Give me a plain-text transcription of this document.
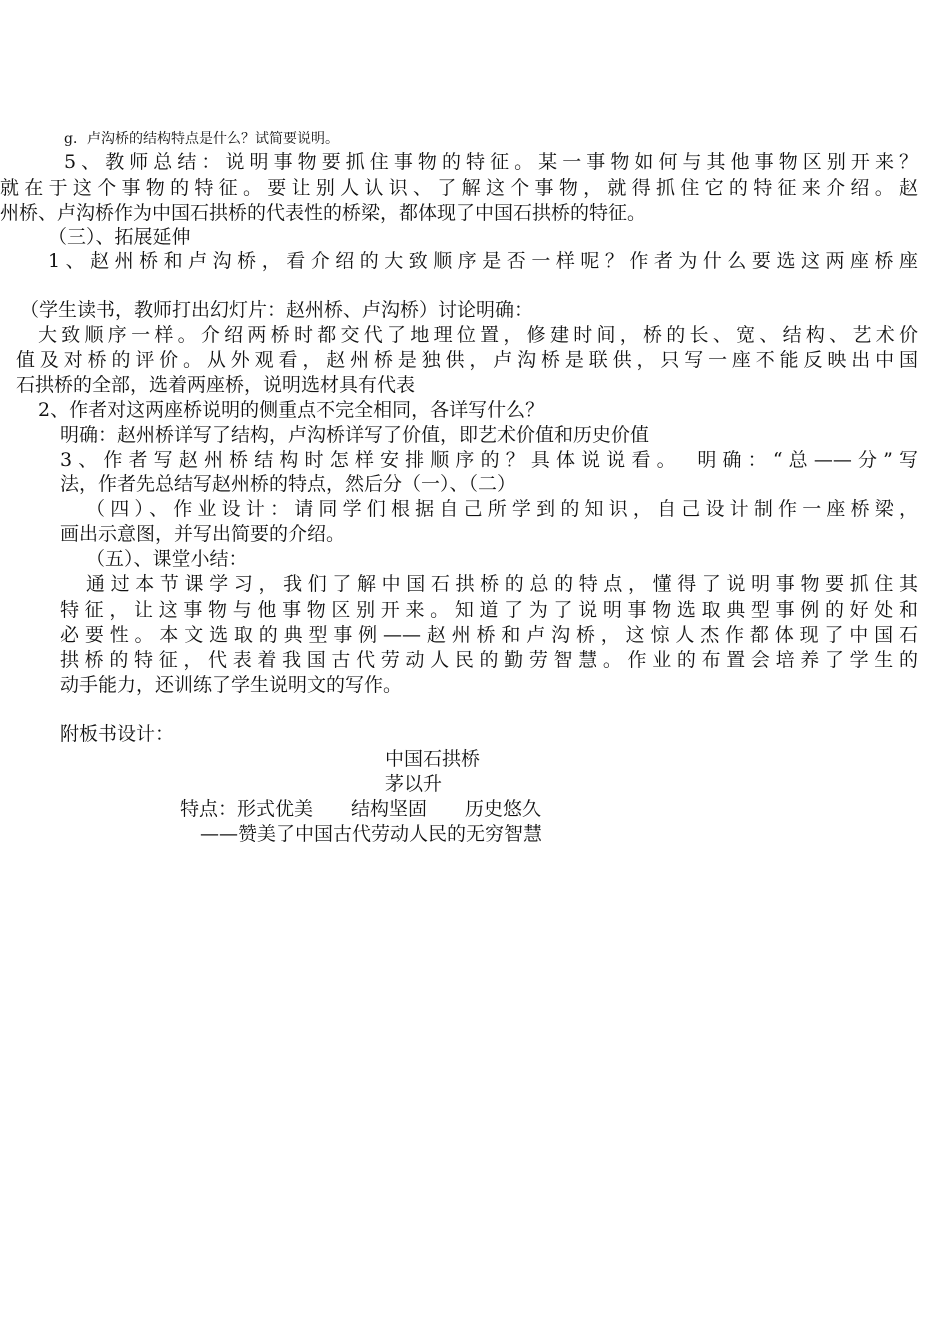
g．卢沟桥的结构特点是什么？试简要说明。
5、教师总结：说明事物要抓住事物的特征。某一事物如何与其他事物区别开来？
就在于这个事物的特征。要让别人认识、了解这个事物，就得抓住它的特征来介绍。赵
州桥、卢沟桥作为中国石拱桥的代表性的桥梁，都体现了中国石拱桥的特征。
（三）、拓展延伸
1、赵州桥和卢沟桥，看介绍的大致顺序是否一样呢？作者为什么要选这两座桥座
（学生读书，教师打出幻灯片：赵州桥、卢沟桥）讨论明确：
大致顺序一样。介绍两桥时都交代了地理位置，修建时间，桥的长、宽、结构、艺术价
值及对桥的评价。从外观看，赵州桥是独供，卢沟桥是联供，只写一座不能反映出中国
石拱桥的全部，选着两座桥，说明选材具有代表
2、作者对这两座桥说明的侧重点不完全相同，各详写什么？
明确：赵州桥详写了结构，卢沟桥详写了价值，即艺术价值和历史价值
3、作者写赵州桥结构时怎样安排顺序的？具体说说看。　明确：“总——分”写
法，作者先总结写赵州桥的特点，然后分（一）、（二）
（四）、作业设计：请同学们根据自己所学到的知识，自己设计制作一座桥梁，
画出示意图，并写出简要的介绍。
（五）、课堂小结：
通过本节课学习，我们了解中国石拱桥的总的特点，懂得了说明事物要抓住其
特征，让这事物与他事物区别开来。知道了为了说明事物选取典型事例的好处和
必要性。本文选取的典型事例——赵州桥和卢沟桥，这惊人杰作都体现了中国石
拱桥的特征，代表着我国古代劳动人民的勤劳智慧。作业的布置会培养了学生的
动手能力，还训练了学生说明文的写作。
附板书设计：
中国石拱桥
茅以升
特点：形式优美　　结构坚固　　历史悠久
——赞美了中国古代劳动人民的无穷智慧
